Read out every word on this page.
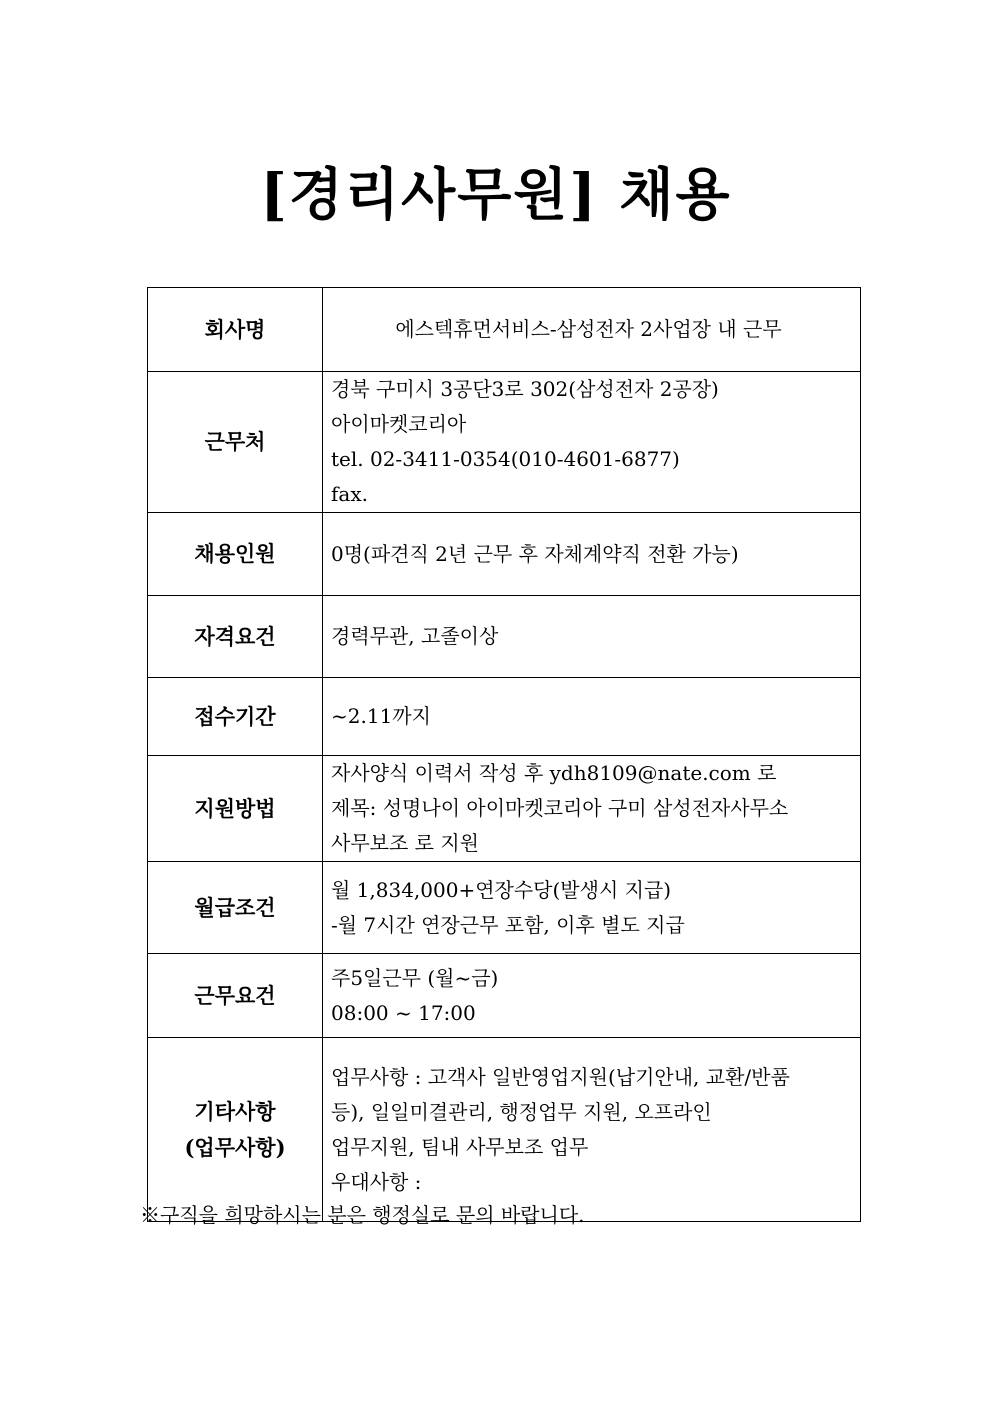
[경리사무원] 채용
회사명	에스텍휴먼서비스-삼성전자 2사업장 내 근무

근무처	경북 구미시 3공단3로 302(삼성전자 2공장)
아이마켓코리아
tel. 02-3411-0354(010-4601-6877)
fax.

채용인원	0명(파견직 2년 근무 후 자체계약직 전환 가능)

자격요건	경력무관, 고졸이상

접수기간	~2.11까지

지원방법	자사양식 이력서 작성 후 ydh8109@nate.com 로
제목: 성명나이 아이마켓코리아 구미 삼성전자사무소
사무보조 로 지원

월급조건	월 1,834,000+연장수당(발생시 지급)
-월 7시간 연장근무 포함, 이후 별도 지급

근무요건	주5일근무 (월~금)
08:00 ~ 17:00

기타사항
(업무사항)	업무사항 : 고객사 일반영업지원(납기안내, 교환/반품
등), 일일미결관리, 행정업무 지원, 오프라인
업무지원, 팀내 사무보조 업무
우대사항 :
※구직을 희망하시는 분은 행정실로 문의 바랍니다.
